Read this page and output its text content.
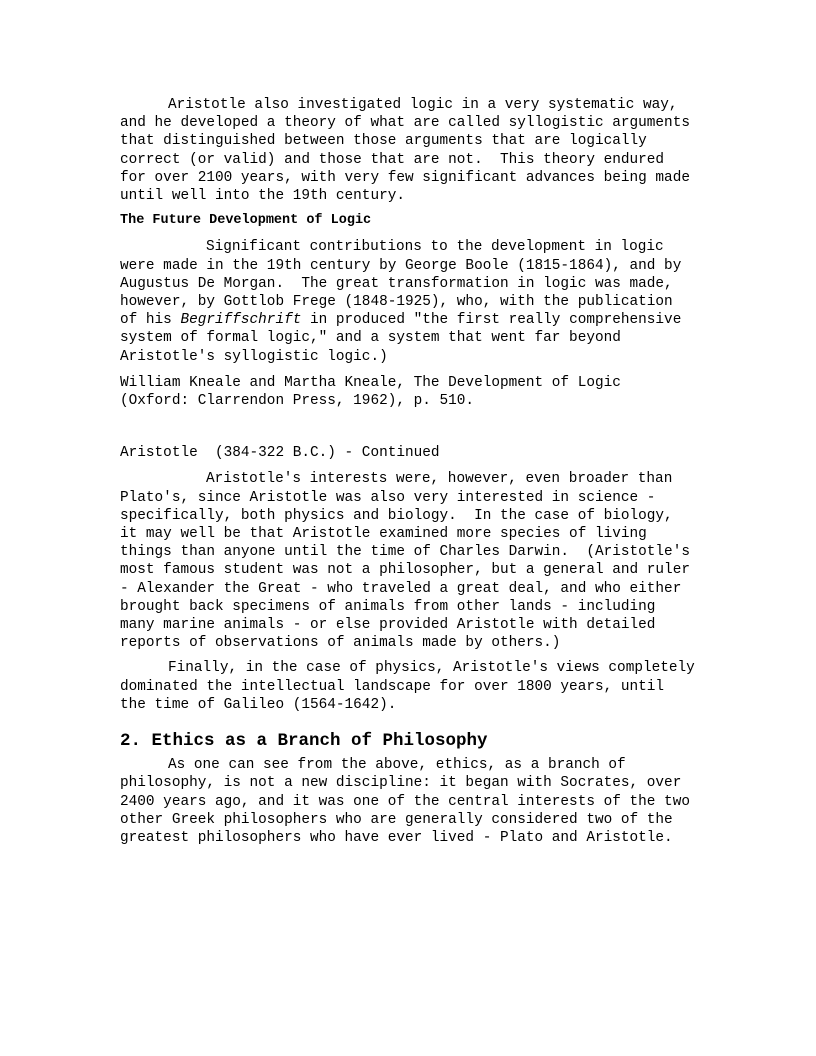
Aristotle also investigated logic in a very systematic way, and he developed a theory of what are called syllogistic arguments that distinguished between those arguments that are logically correct (or valid) and those that are not.  This theory endured for over 2100 years, with very few significant advances being made until well into the 19th century.

The Future Development of Logic

Significant contributions to the development in logic were made in the 19th century by George Boole (1815-1864), and by Augustus De Morgan.  The great transformation in logic was made, however, by Gottlob Frege (1848-1925), who, with the publication of his Begriffschrift in produced "the first really comprehensive system of formal logic," and a system that went far beyond Aristotle's syllogistic logic.)

William Kneale and Martha Kneale, The Development of Logic (Oxford: Clarrendon Press, 1962), p. 510.

Aristotle  (384-322 B.C.) - Continued

Aristotle's interests were, however, even broader than Plato's, since Aristotle was also very interested in science - specifically, both physics and biology.  In the case of biology, it may well be that Aristotle examined more species of living things than anyone until the time of Charles Darwin.  (Aristotle's most famous student was not a philosopher, but a general and ruler - Alexander the Great - who traveled a great deal, and who either brought back specimens of animals from other lands - including many marine animals - or else provided Aristotle with detailed reports of observations of animals made by others.)

Finally, in the case of physics, Aristotle's views completely dominated the intellectual landscape for over 1800 years, until the time of Galileo (1564-1642).

2. Ethics as a Branch of Philosophy

As one can see from the above, ethics, as a branch of philosophy, is not a new discipline: it began with Socrates, over 2400 years ago, and it was one of the central interests of the two other Greek philosophers who are generally considered two of the greatest philosophers who have ever lived - Plato and Aristotle.
